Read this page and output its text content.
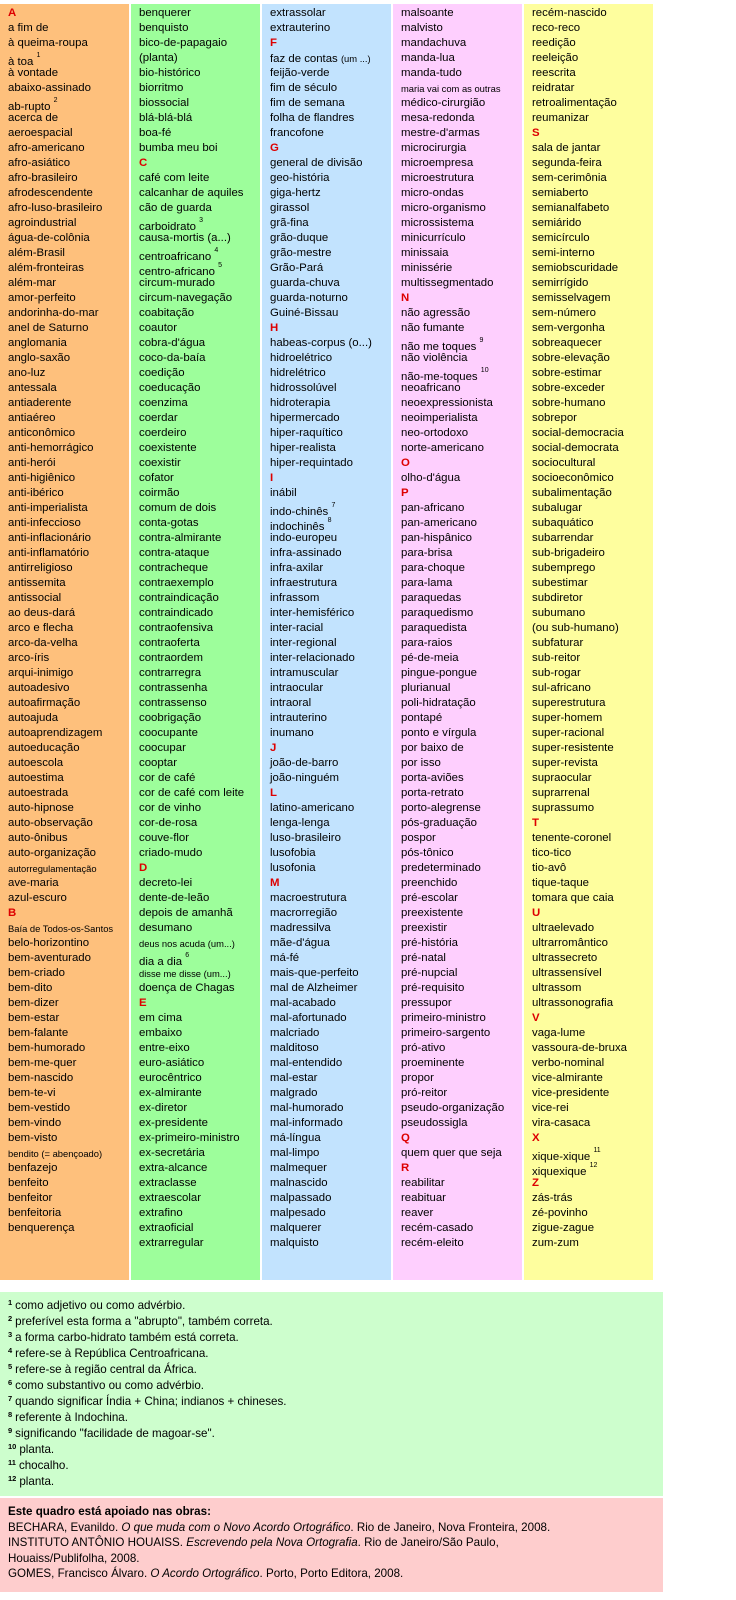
A
a fim de
à queima-roupa
à toa $^1$
à vontade
abaixo-assinado
ab-rupto $^2$
acerca de
aeroespacial
afro-americano
afro-asiático
afro-brasileiro
afrodescendente
afro-luso-brasileiro
agroindustrial
água-de-colônia
além-Brasil
além-fronteiras
além-mar
amor-perfeito
andorinha-do-mar
anel de Saturno
anglomania
anglo-saxão
ano-luz
antessala
antiaderente
antiaéreo
anticonômico
anti-hemorrágico
anti-herói
anti-higiênico
anti-ibérico
anti-imperialista
anti-infeccioso
anti-inflacionário
anti-inflamatório
antirreligioso
antissemita
antissocial
ao deus-dará
arco e flecha
arco-da-velha
arco-íris
arqui-inimigo
autoadesivo
autoafirmação
autoajuda
autoaprendizagem
autoeducação
autoescola
autoestima
autoestrada
auto-hipnose
auto-observação
auto-ônibus
auto-organização
autorregulamentação
ave-maria
azul-escuro
B
Baía de Todos-os-Santos
belo-horizontino
bem-aventurado
bem-criado
bem-dito
bem-dizer
bem-estar
bem-falante
bem-humorado
bem-me-quer
bem-nascido
bem-te-vi
bem-vestido
bem-vindo
bem-visto
bendito (= abençoado)
benfazejo
benfeito
benfeitor
benfeitoria
benquerença
benquerer
benquisto
bico-de-papagaio
(planta)
bio-histórico
biorritmo
biossocial
blá-blá-blá
boa-fé
bumba meu boi
C
café com leite
calcanhar de aquiles
cão de guarda
carboidrato $^3$
causa-mortis (a...)
centroafricano $^4$
centro-africano $^5$
circum-murado
circum-navegação
coabitação
coautor
cobra-d'água
coco-da-baía
coedição
coeducação
coenzima
coerdar
coerdeiro
coexistente
coexistir
cofator
coirmão
comum de dois
conta-gotas
contra-almirante
contra-ataque
contracheque
contraexemplo
contraindicação
contraindicado
contraofensiva
contraoferta
contraordem
contrarregra
contrassenha
contrassenso
coobrigação
coocupante
coocupar
cooptar
cor de café
cor de café com leite
cor de vinho
cor-de-rosa
couve-flor
criado-mudo
D
decreto-lei
dente-de-leão
depois de amanhã
desumano
deus nos acuda (um...)
dia a dia $^6$
disse me disse (um...)
doença de Chagas
E
em cima
embaixo
entre-eixo
euro-asiático
eurocêntrico
ex-almirante
ex-diretor
ex-presidente
ex-primeiro-ministro
ex-secretária
extra-alcance
extraclasse
extraescolar
extrafino
extraoficial
extrarregular
extrassolar
extrauterino
F
faz de contas (um ...)
feijão-verde
fim de século
fim de semana
folha de flandres
francofone
G
general de divisão
geo-história
giga-hertz
girassol
grã-fina
grão-duque
grão-mestre
Grão-Pará
guarda-chuva
guarda-noturno
Guiné-Bissau
H
habeas-corpus (o...)
hidroelétrico
hidrelétrico
hidrossolúvel
hidroterapia
hipermercado
hiper-raquítico
hiper-realista
hiper-requintado
I
inábil
indo-chinês $^7$
indochinês $^8$
indo-europeu
infra-assinado
infra-axilar
infraestrutura
infrassom
inter-hemisférico
inter-racial
inter-regional
inter-relacionado
intramuscular
intraocular
intraoral
intrauterino
inumano
J
joão-de-barro
joão-ninguém
L
latino-americano
lenga-lenga
luso-brasileiro
lusofobia
lusofonia
M
macroestrutura
macrorregião
madressilva
mãe-d'água
má-fé
mais-que-perfeito
mal de Alzheimer
mal-acabado
mal-afortunado
malcriado
malditoso
mal-entendido
mal-estar
malgrado
mal-humorado
mal-informado
má-língua
mal-limpo
malmequer
malnascido
malpassado
malpesado
malquerer
malquisto
malsoante
malvisto
mandachuva
manda-lua
manda-tudo
maria vai com as outras
médico-cirurgião
mesa-redonda
mestre-d'armas
microcirurgia
microempresa
microestrutura
micro-ondas
micro-organismo
microssistema
minicurrículo
minissaia
minissérie
multissegmentado
N
não agressão
não fumante
não me toques $^9$
não violência
não-me-toques $^{10}$
neoafricano
neoexpressionista
neoimperialista
neo-ortodoxo
norte-americano
O
olho-d'água
P
pan-africano
pan-americano
pan-hispânico
para-brisa
para-choque
para-lama
paraquedas
paraquedismo
paraquedista
para-raios
pé-de-meia
pingue-pongue
plurianual
poli-hidratação
pontapé
ponto e vírgula
por baixo de
por isso
porta-aviões
porta-retrato
porto-alegrense
pós-graduação
pospor
pós-tônico
predeterminado
preenchido
pré-escolar
preexistente
preexistir
pré-história
pré-natal
pré-nupcial
pré-requisito
pressupor
primeiro-ministro
primeiro-sargento
pró-ativo
proeminente
propor
pró-reitor
pseudo-organização
pseudossigla
Q
quem quer que seja
R
reabilitar
reabituar
reaver
recém-casado
recém-eleito
recém-nascido
reco-reco
reedição
reeleição
reescrita
reidratar
retroalimentação
reumanizar
S
sala de jantar
segunda-feira
sem-cerimônia
semiaberto
semianalfabeto
semiárido
semicírculo
semi-interno
semiobscuridade
semirrígido
semisselvagem
sem-número
sem-vergonha
sobreaquecer
sobre-elevação
sobre-estimar
sobre-exceder
sobre-humano
sobrepor
social-democracia
social-democrata
sociocultural
socioeconômico
subalimentação
subalugar
subaquático
subarrendar
sub-brigadeiro
subemprego
subestimar
subdiretor
subumano
(ou sub-humano)
subfaturar
sub-reitor
sub-rogar
sul-africano
superestrutura
super-homem
super-racional
super-resistente
super-revista
supraocular
suprarrenal
suprassumo
T
tenente-coronel
tico-tico
tio-avô
tique-taque
tomara que caia
U
ultraelevado
ultrarromântico
ultrassecreto
ultrassensível
ultrassom
ultrassonografia
V
vaga-lume
vassoura-de-bruxa
verbo-nominal
vice-almirante
vice-presidente
vice-rei
vira-casaca
X
xique-xique $^{11}$
xiquexique $^{12}$
Z
zás-trás
zé-povinho
zigue-zague
zum-zum
$^1$ como adjetivo ou como advérbio.
$^2$ preferível esta forma a "abrupto", também correta.
$^3$ a forma carbo-hidrato também está correta.
$^4$ refere-se à República Centroafricana.
$^5$ refere-se à região central da África.
$^6$ como substantivo ou como advérbio.
$^7$ quando significar Índia + China; indianos + chineses.
$^8$ referente à Indochina.
$^9$ significando "facilidade de magoar-se".
$^{10}$ planta.
$^{11}$ chocalho.
$^{12}$ planta.
Este quadro está apoiado nas obras:
BECHARA, Evanildo. O que muda com o Novo Acordo Ortográfico. Rio de Janeiro, Nova Fronteira, 2008.
INSTITUTO ANTÔNIO HOUAISS. Escrevendo pela Nova Ortografia. Rio de Janeiro/São Paulo,
Houaiss/Publifolha, 2008.
GOMES, Francisco Álvaro. O Acordo Ortográfico. Porto, Porto Editora, 2008.
